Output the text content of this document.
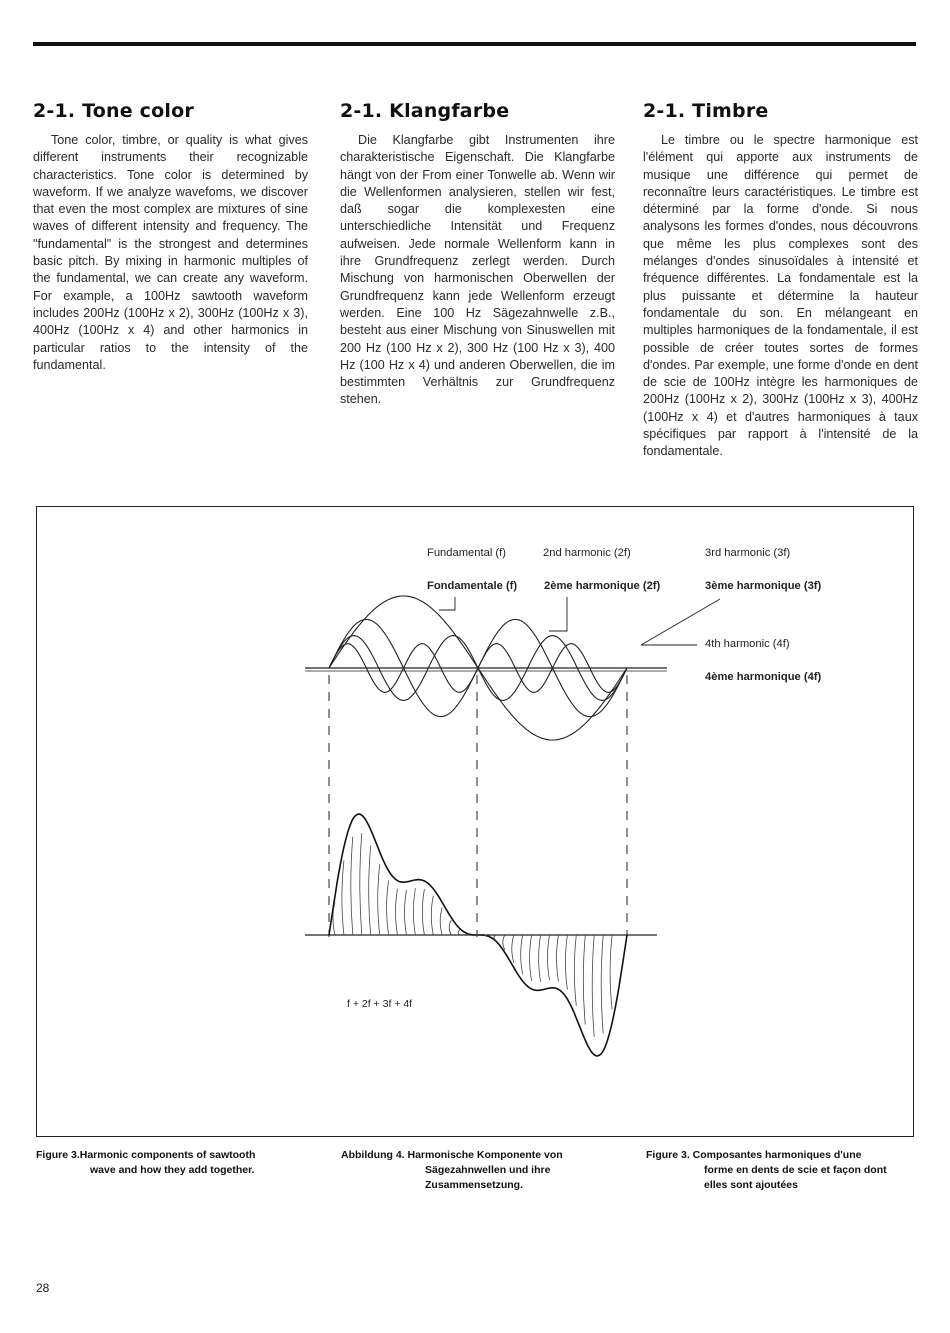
2-1. Tone color

Tone color, timbre, or quality is what gives different instruments their recognizable characteristics. Tone color is determined by waveform. If we analyze wavefoms, we discover that even the most complex are mixtures of sine waves of different intensity and frequency. The "fundamental" is the strongest and determines basic pitch. By mixing in harmonic multiples of the fundamental, we can create any waveform. For example, a 100Hz sawtooth waveform includes 200Hz (100Hz x 2), 300Hz (100Hz x 3), 400Hz (100Hz x 4) and other harmonics in particular ratios to the intensity of the fundamental.

2-1. Klangfarbe

Die Klangfarbe gibt Instrumenten ihre charakteristische Eigenschaft. Die Klangfarbe hängt von der From einer Tonwelle ab. Wenn wir die Wellenformen analysieren, stellen wir fest, daß sogar die komplexesten eine unterschiedliche Intensität und Frequenz aufweisen. Jede normale Wellenform kann in ihre Grundfrequenz zerlegt werden. Durch Mischung von harmonischen Oberwellen der Grundfrequenz kann jede Wellenform erzeugt werden. Eine 100 Hz Sägezahnwelle z.B., besteht aus einer Mischung von Sinuswellen mit 200 Hz (100 Hz x 2), 300 Hz (100 Hz x 3), 400 Hz (100 Hz x 4) und anderen Oberwellen, die im bestimmten Verhältnis zur Grundfrequenz stehen.

2-1. Timbre

Le timbre ou le spectre harmonique est l'élément qui apporte aux instruments de musique une différence qui permet de reconnaître leurs caractéristiques. Le timbre est déterminé par la forme d'onde. Si nous analysons les formes d'ondes, nous découvrons que même les plus complexes sont des mélanges d'ondes sinusoïdales à intensité et fréquence différentes. La fondamentale est la plus puissante et détermine la hauteur fondamentale du son. En mélangeant en multiples harmoniques de la fondamentale, il est possible de créer toutes sortes de formes d'ondes. Par exemple, une forme d'onde en dent de scie de 100Hz intègre les harmoniques de 200Hz (100Hz x 2), 300Hz (100Hz x 3), 400Hz (100Hz x 4) et d'autres harmoniques à taux spécifiques par rapport à l'intensité de la fondamentale.

Fundamental (f)	2nd harmonic (2f)	3rd harmonic (3f)
Fondamentale (f) 2ème harmonique (2f)	3ème harmonique (3f)
4th harmonic (4f)
4ème harmonique (4f)
f + 2f + 3f + 4f
Figure 3.Harmonic components of sawtooth
wave and how they add together.
Abbildung 4. Harmonische Komponente von
Sägezahnwellen und ihre
Zusammensetzung.
Figure 3. Composantes harmoniques d'une
forme en dents de scie et façon dont
elles sont ajoutées
28
